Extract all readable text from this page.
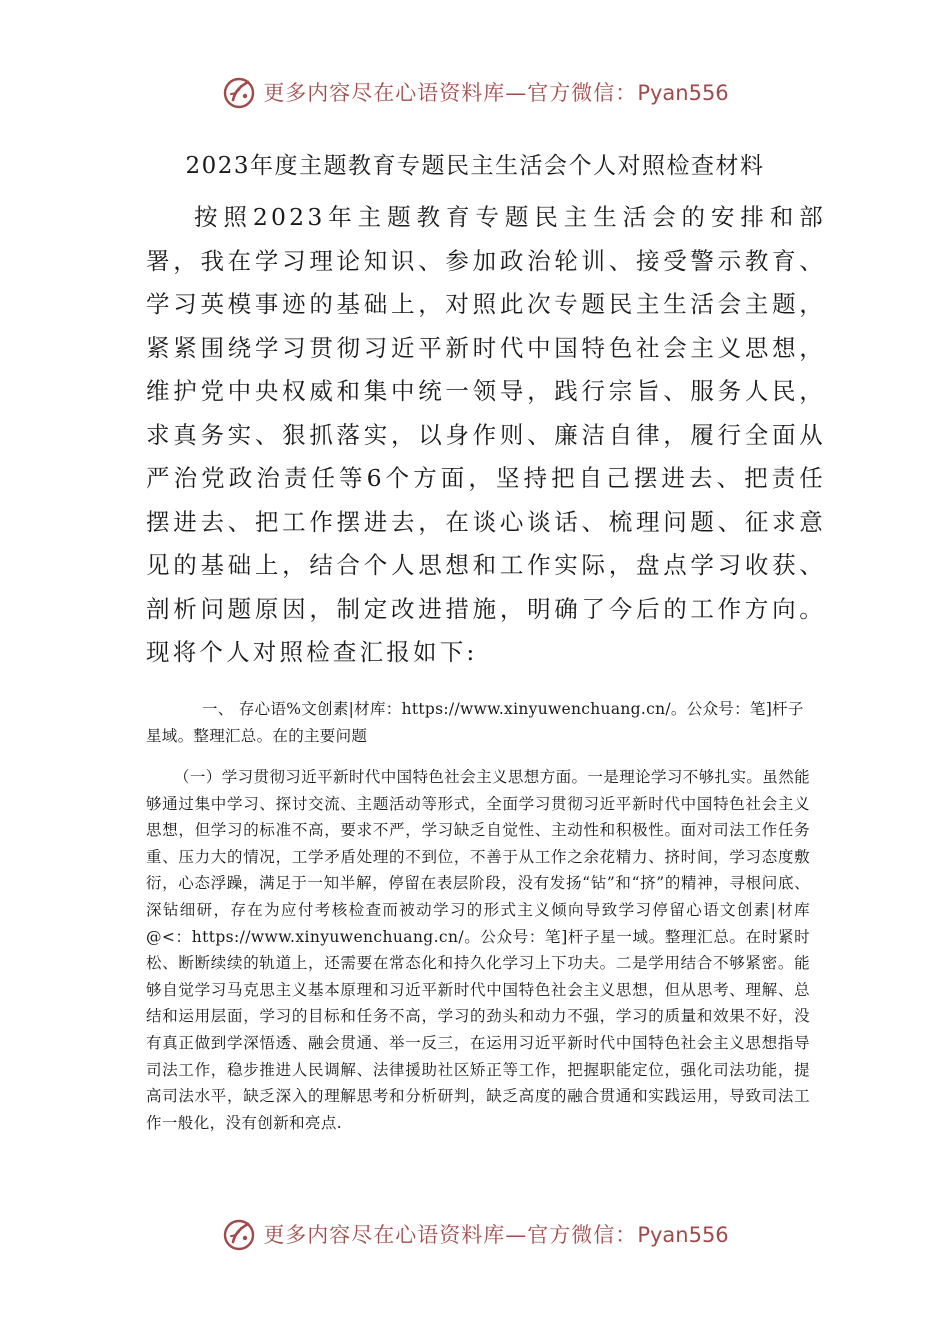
更多内容尽在心语资料库—官方微信：Pyan556
2023年度主题教育专题民主生活会个人对照检查材料

按照2023年主题教育专题民主生活会的安排和部署，我在学习理论知识、参加政治轮训、接受警示教育、学习英模事迹的基础上，对照此次专题民主生活会主题，紧紧围绕学习贯彻习近平新时代中国特色社会主义思想，维护党中央权威和集中统一领导，践行宗旨、服务人民，求真务实、狠抓落实，以身作则、廉洁自律，履行全面从严治党政治责任等6个方面，坚持把自己摆进去、把责任摆进去、把工作摆进去，在谈心谈话、梳理问题、征求意见的基础上，结合个人思想和工作实际，盘点学习收获、剖析问题原因，制定改进措施，明确了今后的工作方向。现将个人对照检查汇报如下:

一、 存心语%文创素|材库：https://www.xinyuwenchuang.cn/。公众号：笔]杆子星域。整理汇总。在的主要问题

（一）学习贯彻习近平新时代中国特色社会主义思想方面。一是理论学习不够扎实。虽然能够通过集中学习、探讨交流、主题活动等形式，全面学习贯彻习近平新时代中国特色社会主义思想，但学习的标准不高，要求不严，学习缺乏自觉性、主动性和积极性。面对司法工作任务重、压力大的情况，工学矛盾处理的不到位，不善于从工作之余花精力、挤时间，学习态度敷衍，心态浮躁，满足于一知半解，停留在表层阶段，没有发扬“钻”和“挤”的精神，寻根问底、深钻细研，存在为应付考核检查而被动学习的形式主义倾向导致学习停留心语文创素|材库@<：https://www.xinyuwenchuang.cn/。公众号：笔]杆子星一域。整理汇总。在时紧时松、断断续续的轨道上，还需要在常态化和持久化学习上下功夫。二是学用结合不够紧密。能够自觉学习马克思主义基本原理和习近平新时代中国特色社会主义思想，但从思考、理解、总结和运用层面，学习的目标和任务不高，学习的劲头和动力不强，学习的质量和效果不好，没有真正做到学深悟透、融会贯通、举一反三，在运用习近平新时代中国特色社会主义思想指导司法工作，稳步推进人民调解、法律援助社区矫正等工作，把握职能定位，强化司法功能，提高司法水平，缺乏深入的理解思考和分析研判，缺乏高度的融合贯通和实践运用，导致司法工作一般化，没有创新和亮点.

更多内容尽在心语资料库—官方微信：Pyan556
